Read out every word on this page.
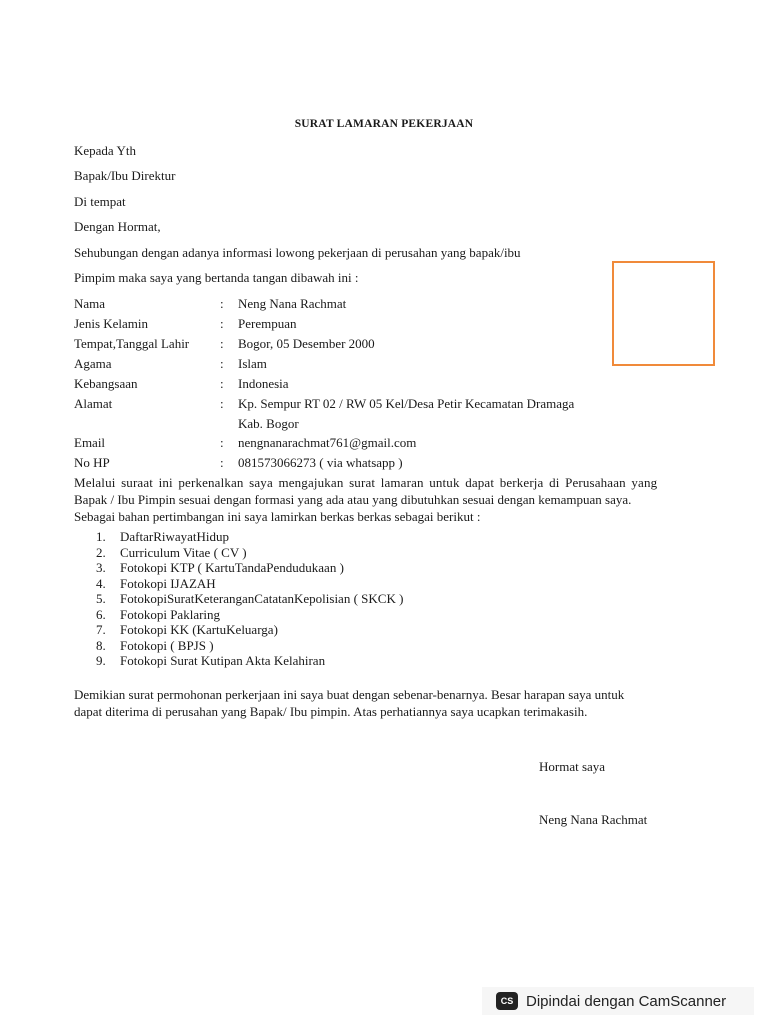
SURAT LAMARAN PEKERJAAN
Kepada Yth
Bapak/Ibu Direktur
Di tempat
Dengan Hormat,
Sehubungan dengan adanya informasi lowong pekerjaan di perusahan yang bapak/ibu
Pimpim maka saya yang bertanda tangan dibawah ini :
Nama	: Neng Nana Rachmat
Jenis Kelamin	: Perempuan
Tempat,Tanggal Lahir : Bogor, 05 Desember 2000
Agama	: Islam
Kebangsaan	: Indonesia
Alamat	: Kp. Sempur RT 02 / RW 05 Kel/Desa Petir Kecamatan Dramaga
Kab. Bogor
Email	: nengnanarachmat761@gmail.com
No HP	: 081573066273 ( via whatsapp )
Melalui suraat ini perkenalkan saya mengajukan surat lamaran untuk dapat berkerja di Perusahaan yang
Bapak / Ibu Pimpin sesuai dengan formasi yang ada atau yang dibutuhkan sesuai dengan kemampuan saya.
Sebagai bahan pertimbangan ini saya lamirkan berkas berkas sebagai berikut :
1. DaftarRiwayatHidup
2. Curriculum Vitae ( CV )
3. Fotokopi KTP ( KartuTandaPendudukaan )
4. Fotokopi IJAZAH
5. FotokopiSuratKeteranganCatatanKepolisian ( SKCK )
6. Fotokopi Paklaring
7. Fotokopi KK (KartuKeluarga)
8. Fotokopi ( BPJS )
9. Fotokopi Surat Kutipan Akta Kelahiran
Demikian surat permohonan perkerjaan ini saya buat dengan sebenar-benarnya. Besar harapan saya untuk
dapat diterima di perusahan yang Bapak/ Ibu pimpin. Atas perhatiannya saya ucapkan terimakasih.
Hormat saya
Neng Nana Rachmat
CS Dipindai dengan CamScanner
